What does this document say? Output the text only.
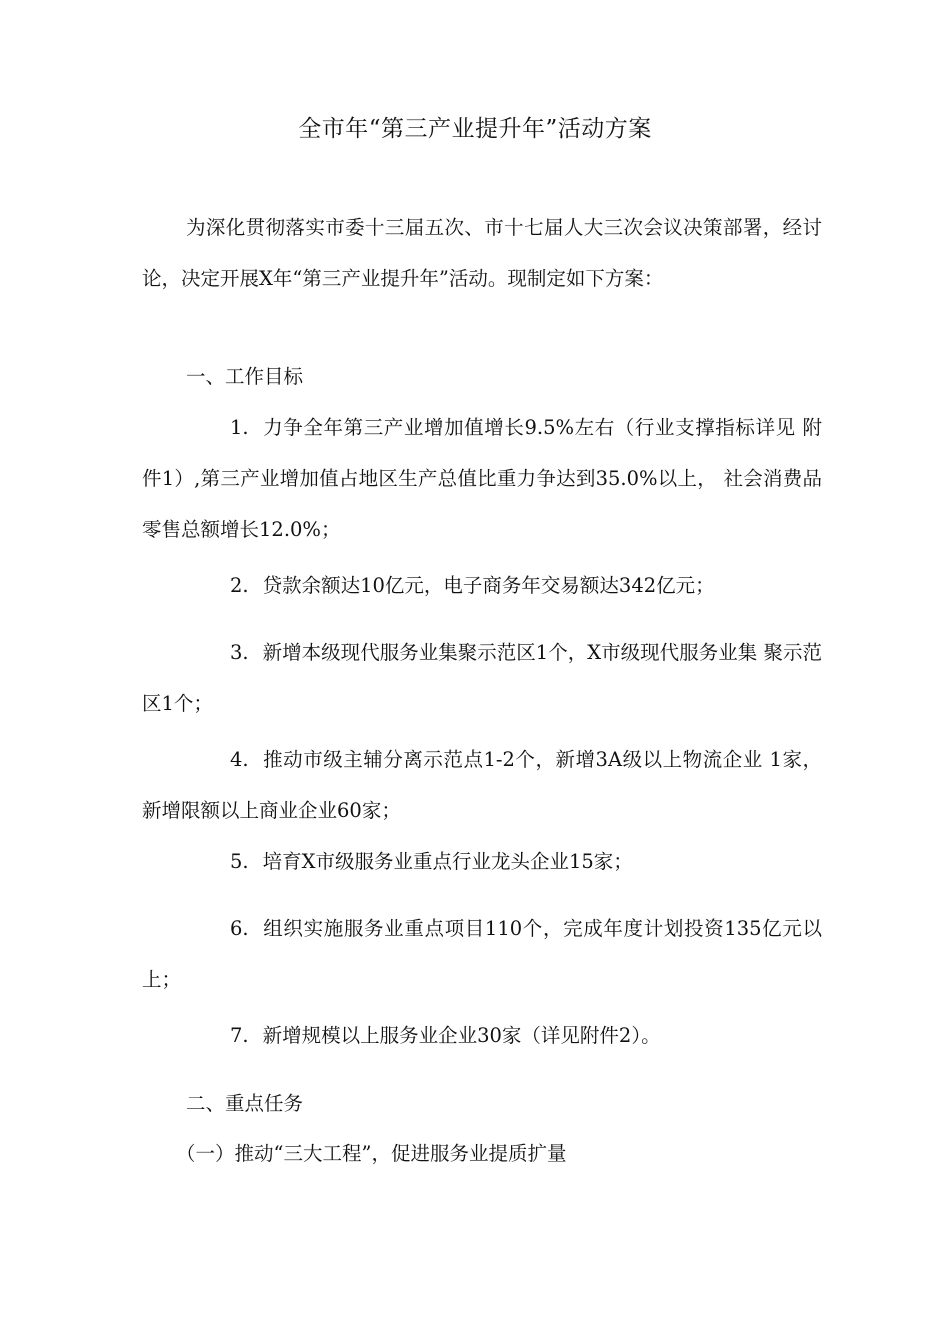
全市年“第三产业提升年”活动方案

为深化贯彻落实市委十三届五次、市十七届人大三次会议决策部署，经讨论，决定开展X年“第三产业提升年”活动。现制定如下方案：

一、工作目标

1. 力争全年第三产业增加值增长9.5%左右（行业支撑指标详见 附件1）,第三产业增加值占地区生产总值比重力争达到35.0%以上， 社会消费品零售总额增长12.0%；

2. 贷款余额达10亿元，电子商务年交易额达342亿元；

3. 新增本级现代服务业集聚示范区1个，X市级现代服务业集 聚示范区1个；

4. 推动市级主辅分离示范点1-2个，新增3A级以上物流企业 1家，新增限额以上商业企业60家；

5. 培育X市级服务业重点行业龙头企业15家；

6. 组织实施服务业重点项目110个，完成年度计划投资135亿元以上；

7. 新增规模以上服务业企业30家（详见附件2）。

二、重点任务

（一）推动“三大工程”，促进服务业提质扩量
